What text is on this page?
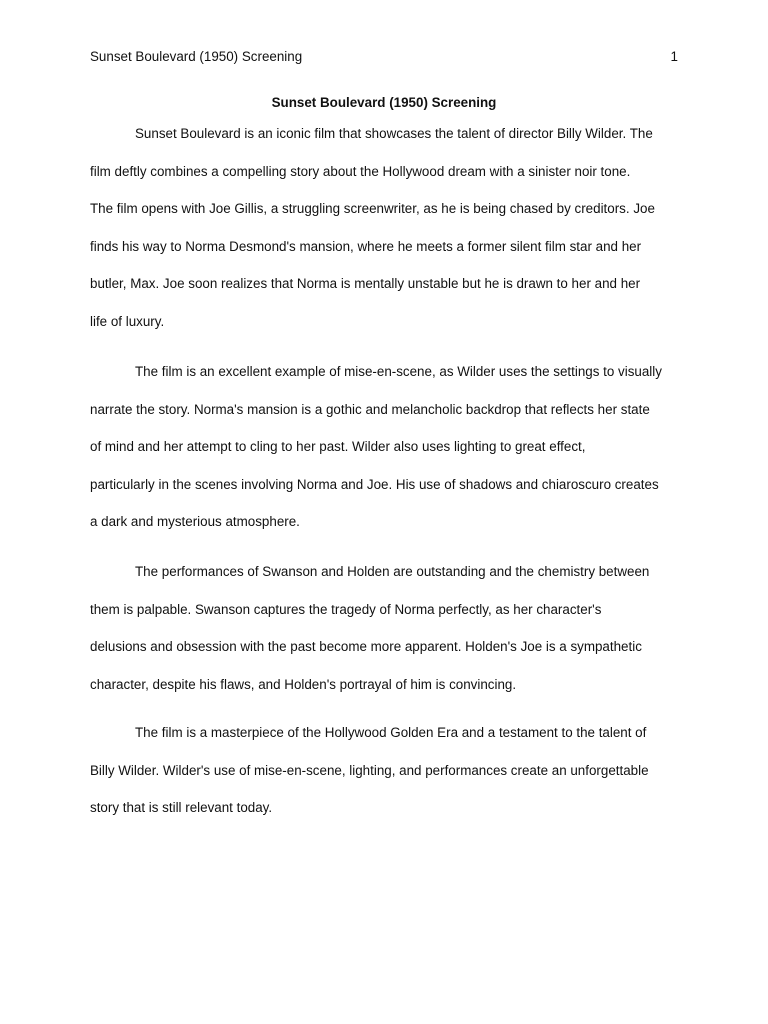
Sunset Boulevard (1950) Screening	1
Sunset Boulevard (1950) Screening
Sunset Boulevard is an iconic film that showcases the talent of director Billy Wilder. The
film deftly combines a compelling story about the Hollywood dream with a sinister noir tone.
The film opens with Joe Gillis, a struggling screenwriter, as he is being chased by creditors. Joe
finds his way to Norma Desmond's mansion, where he meets a former silent film star and her
butler, Max. Joe soon realizes that Norma is mentally unstable but he is drawn to her and her
life of luxury.
The film is an excellent example of mise-en-scene, as Wilder uses the settings to visually
narrate the story. Norma's mansion is a gothic and melancholic backdrop that reflects her state
of mind and her attempt to cling to her past. Wilder also uses lighting to great effect,
particularly in the scenes involving Norma and Joe. His use of shadows and chiaroscuro creates
a dark and mysterious atmosphere.
The performances of Swanson and Holden are outstanding and the chemistry between
them is palpable. Swanson captures the tragedy of Norma perfectly, as her character's
delusions and obsession with the past become more apparent. Holden's Joe is a sympathetic
character, despite his flaws, and Holden's portrayal of him is convincing.
The film is a masterpiece of the Hollywood Golden Era and a testament to the talent of
Billy Wilder. Wilder's use of mise-en-scene, lighting, and performances create an unforgettable
story that is still relevant today.
